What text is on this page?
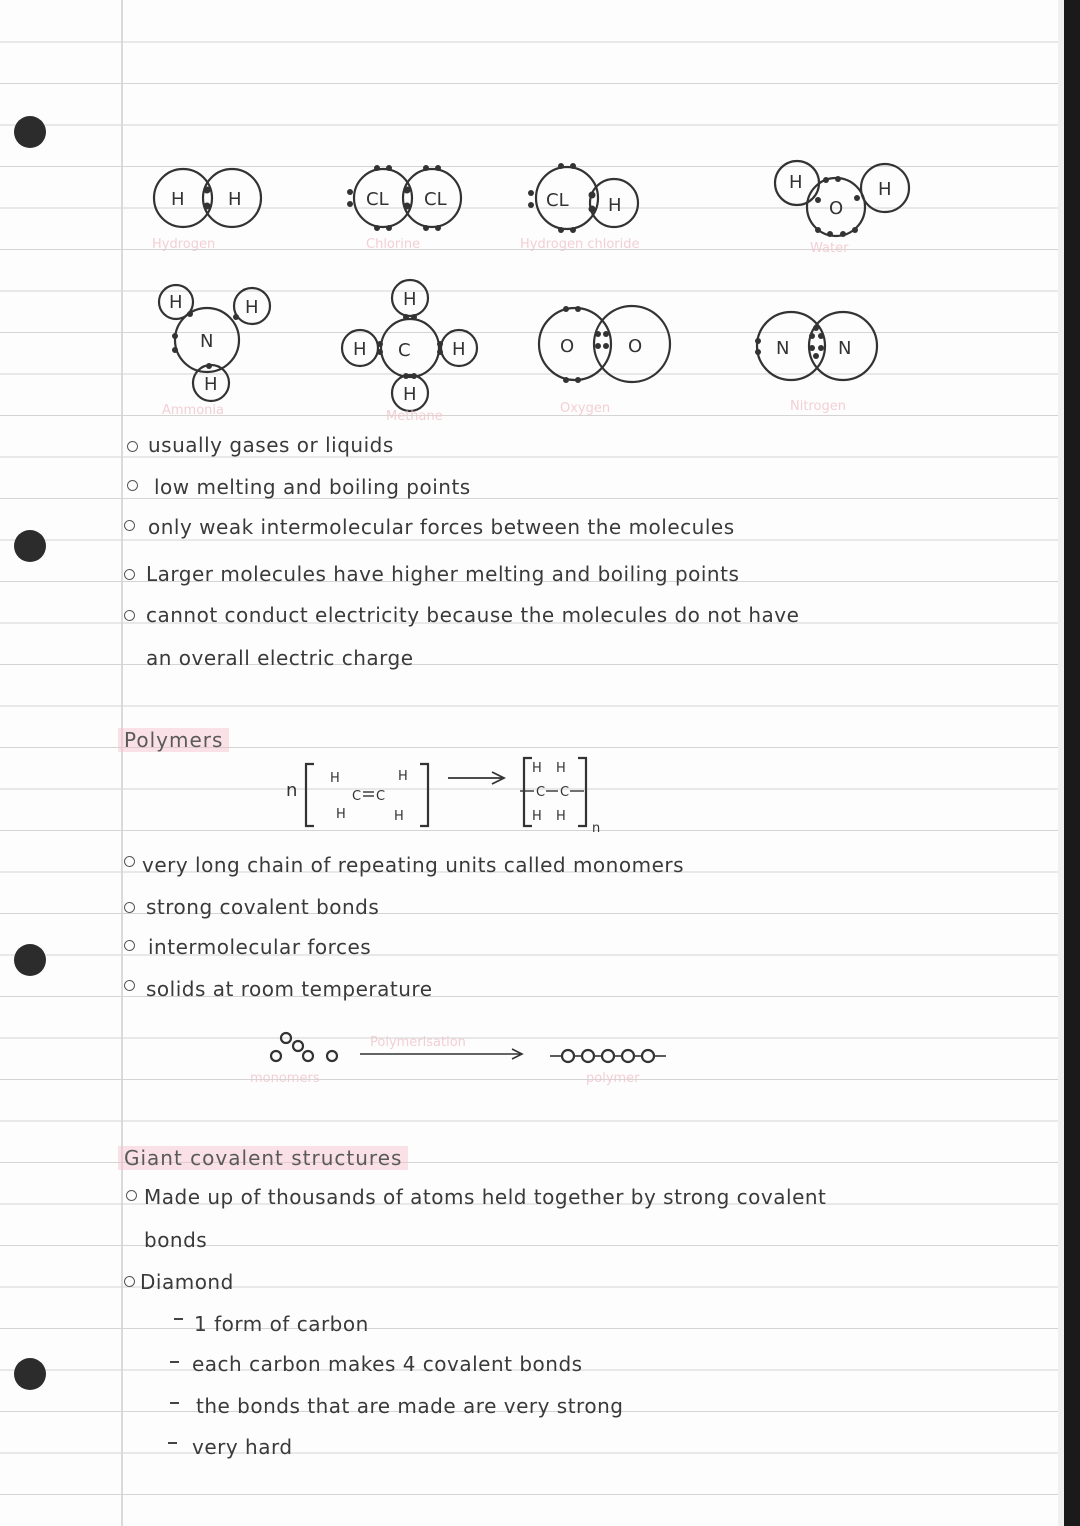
H H
Hydrogen
CL CL
Chlorine
CL H
Hydrogen chloride
H
O
H
Water
H
N
H
H
Ammonia
H
C
H	H
H
Methane
O	O
Oxygen
N	N
Nitrogen
usually gases or liquids
low melting and boiling points
only weak intermolecular forces between the molecules
Larger molecules have higher melting and boiling points
cannot conduct electricity because the molecules do not have
an overall electric charge
Polymers
n
H	H
H	H
C C
H H
C C
H H
n
very long chain of repeating units called monomers
strong covalent bonds
intermolecular forces
solids at room temperature
monomers
Polymerisation
polymer
Giant covalent structures
Made up of thousands of atoms held together by strong covalent
bonds
Diamond
1 form of carbon
each carbon makes 4 covalent bonds
the bonds that are made are very strong
very hard
